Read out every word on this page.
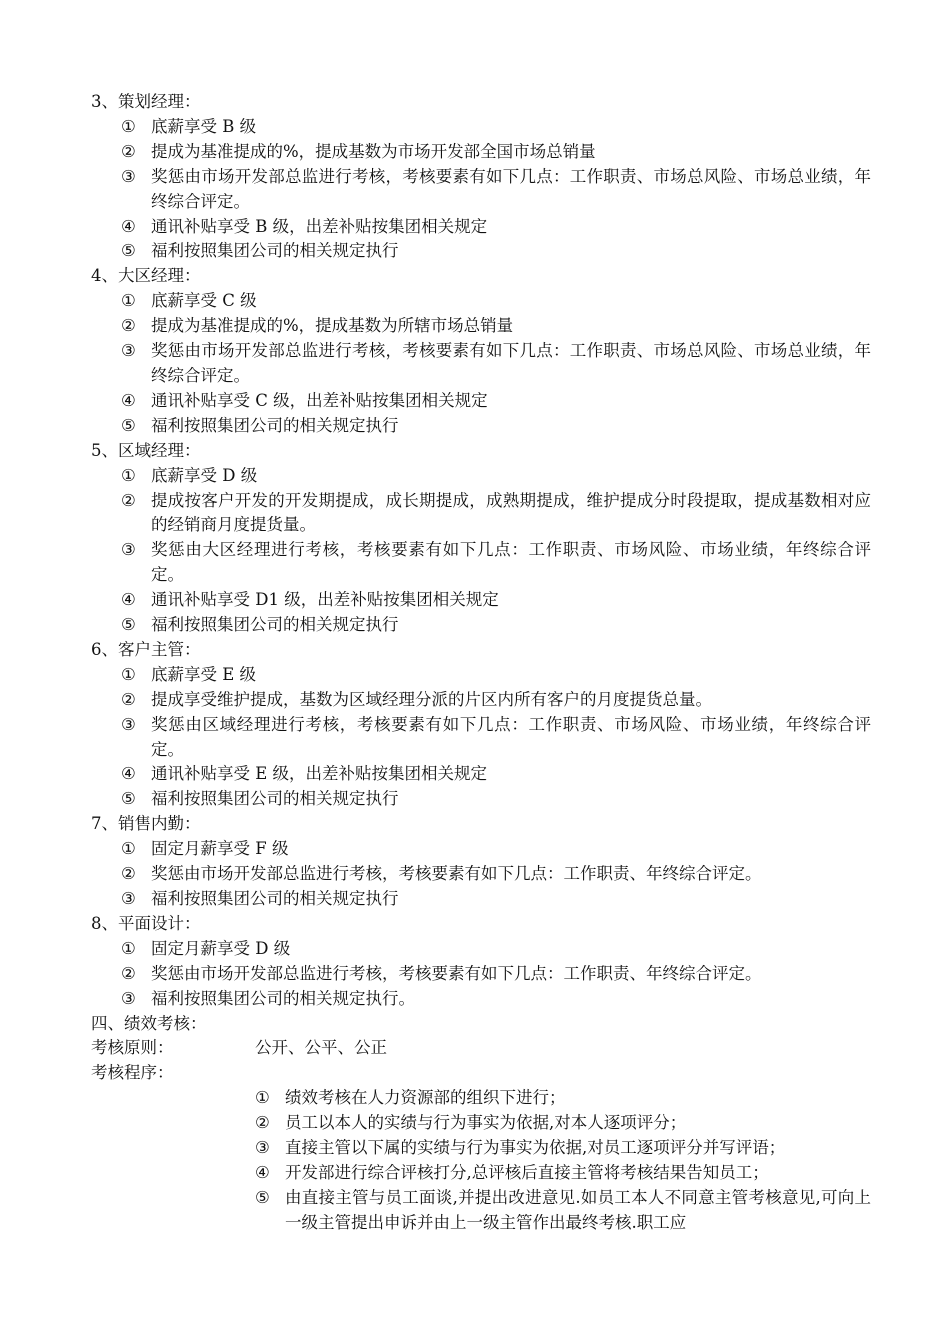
3、策划经理：
① 底薪享受 B 级
② 提成为基准提成的%，提成基数为市场开发部全国市场总销量
③ 奖惩由市场开发部总监进行考核，考核要素有如下几点：工作职责、市场总风险、市场总业绩，年终综合评定。
④ 通讯补贴享受 B 级，出差补贴按集团相关规定
⑤ 福利按照集团公司的相关规定执行
4、大区经理：
① 底薪享受 C 级
② 提成为基准提成的%，提成基数为所辖市场总销量
③ 奖惩由市场开发部总监进行考核，考核要素有如下几点：工作职责、市场总风险、市场总业绩，年终综合评定。
④ 通讯补贴享受 C 级，出差补贴按集团相关规定
⑤ 福利按照集团公司的相关规定执行
5、区域经理：
① 底薪享受 D 级
② 提成按客户开发的开发期提成，成长期提成，成熟期提成，维护提成分时段提取，提成基数相对应的经销商月度提货量。
③ 奖惩由大区经理进行考核，考核要素有如下几点：工作职责、市场风险、市场业绩，年终综合评定。
④ 通讯补贴享受 D1 级，出差补贴按集团相关规定
⑤ 福利按照集团公司的相关规定执行
6、客户主管：
① 底薪享受 E 级
② 提成享受维护提成，基数为区域经理分派的片区内所有客户的月度提货总量。
③ 奖惩由区域经理进行考核，考核要素有如下几点：工作职责、市场风险、市场业绩，年终综合评定。
④ 通讯补贴享受 E 级，出差补贴按集团相关规定
⑤ 福利按照集团公司的相关规定执行
7、销售内勤：
① 固定月薪享受 F 级
② 奖惩由市场开发部总监进行考核，考核要素有如下几点：工作职责、年终综合评定。
③ 福利按照集团公司的相关规定执行
8、平面设计：
① 固定月薪享受 D 级
② 奖惩由市场开发部总监进行考核，考核要素有如下几点：工作职责、年终综合评定。
③ 福利按照集团公司的相关规定执行。
四、绩效考核：
考核原则：	公开、公平、公正
考核程序：
① 绩效考核在人力资源部的组织下进行；
② 员工以本人的实绩与行为事实为依据,对本人逐项评分；
③ 直接主管以下属的实绩与行为事实为依据,对员工逐项评分并写评语；
④ 开发部进行综合评核打分,总评核后直接主管将考核结果告知员工；
⑤ 由直接主管与员工面谈,并提出改进意见.如员工本人不同意主管考核意见,可向上一级主管提出申诉并由上一级主管作出最终考核.职工应
